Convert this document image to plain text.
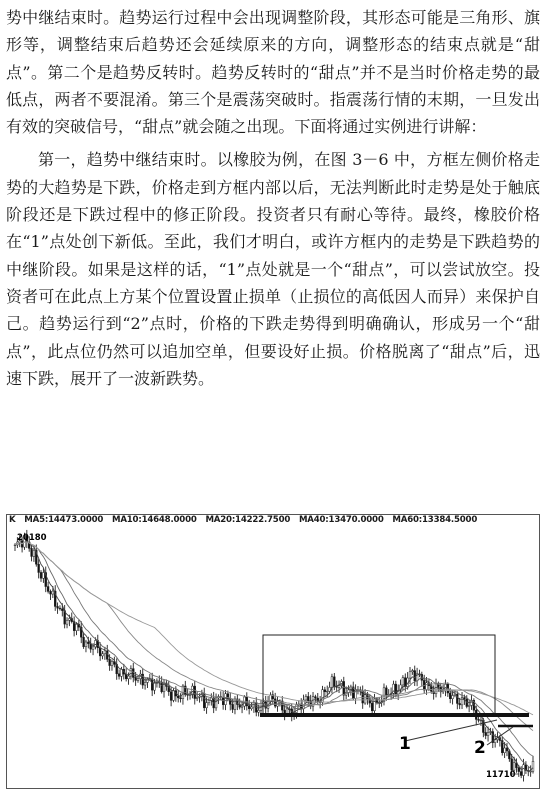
势中继结束时。趋势运行过程中会出现调整阶段，其形态可能是三角形、旗形等，调整结束后趋势还会延续原来的方向，调整形态的结束点就是“甜点”。第二个是趋势反转时。趋势反转时的“甜点”并不是当时价格走势的最低点，两者不要混淆。第三个是震荡突破时。指震荡行情的末期，一旦发出有效的突破信号，“甜点”就会随之出现。下面将通过实例进行讲解：

第一，趋势中继结束时。以橡胶为例，在图 3－6 中，方框左侧价格走势的大趋势是下跌，价格走到方框内部以后，无法判断此时走势是处于触底阶段还是下跌过程中的修正阶段。投资者只有耐心等待。最终，橡胶价格在“1”点处创下新低。至此，我们才明白，或许方框内的走势是下跌趋势的中继阶段。如果是这样的话，“1”点处就是一个“甜点”，可以尝试放空。投资者可在此点上方某个位置设置止损单（止损位的高低因人而异）来保护自己。趋势运行到“2”点时，价格的下跌走势得到明确确认，形成另一个“甜点”，此点位仍然可以追加空单，但要设好止损。价格脱离了“甜点”后，迅速下跌，展开了一波新跌势。

K MA5:14473.0000 MA10:14648.0000 MA20:14222.7500 MA40:13470.0000 MA60:13384.5000
1	2
20180
11710
